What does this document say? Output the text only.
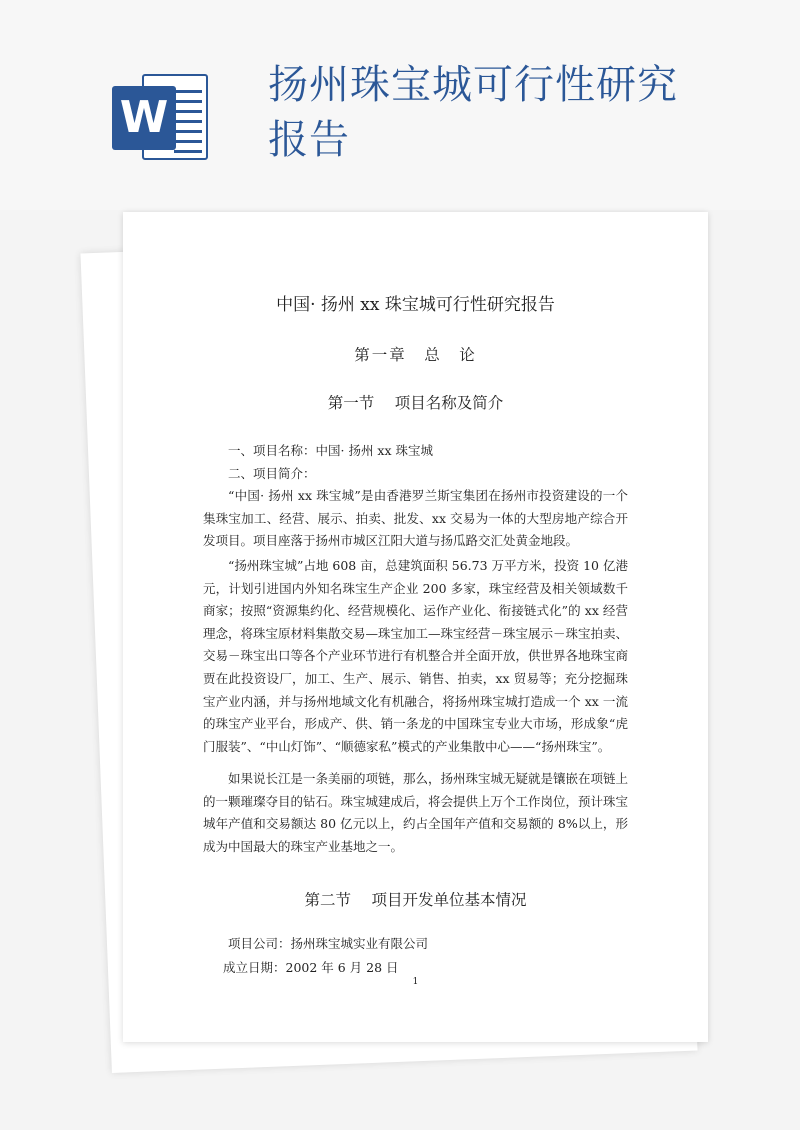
W
扬州珠宝城可行性研究报告
中国· 扬州 xx 珠宝城可行性研究报告
第一章　总　论
第一节　 项目名称及简介
一、项目名称：中国· 扬州 xx 珠宝城
二、项目简介：

“中国· 扬州 xx 珠宝城”是由香港罗兰斯宝集团在扬州市投资建设的一个集珠宝加工、经营、展示、拍卖、批发、xx 交易为一体的大型房地产综合开发项目。项目座落于扬州市城区江阳大道与扬瓜路交汇处黄金地段。

“扬州珠宝城”占地 608 亩，总建筑面积 56.73 万平方米，投资 10 亿港元，计划引进国内外知名珠宝生产企业 200 多家，珠宝经营及相关领域数千商家；按照“资源集约化、经营规模化、运作产业化、衔接链式化”的 xx 经营理念，将珠宝原材料集散交易—珠宝加工—珠宝经营－珠宝展示－珠宝拍卖、交易－珠宝出口等各个产业环节进行有机整合并全面开放，供世界各地珠宝商贾在此投资设厂，加工、生产、展示、销售、拍卖，xx 贸易等；充分挖掘珠宝产业内涵，并与扬州地域文化有机融合，将扬州珠宝城打造成一个 xx 一流的珠宝产业平台，形成产、供、销一条龙的中国珠宝专业大市场，形成象“虎门服装”、“中山灯饰”、“顺德家私”模式的产业集散中心——“扬州珠宝”。

如果说长江是一条美丽的项链，那么，扬州珠宝城无疑就是镶嵌在项链上的一颗璀璨夺目的钻石。珠宝城建成后，将会提供上万个工作岗位，预计珠宝城年产值和交易额达 80 亿元以上，约占全国年产值和交易额的 8%以上，形成为中国最大的珠宝产业基地之一。

第二节　 项目开发单位基本情况
项目公司：扬州珠宝城实业有限公司
成立日期：2002 年 6 月 28 日
1
